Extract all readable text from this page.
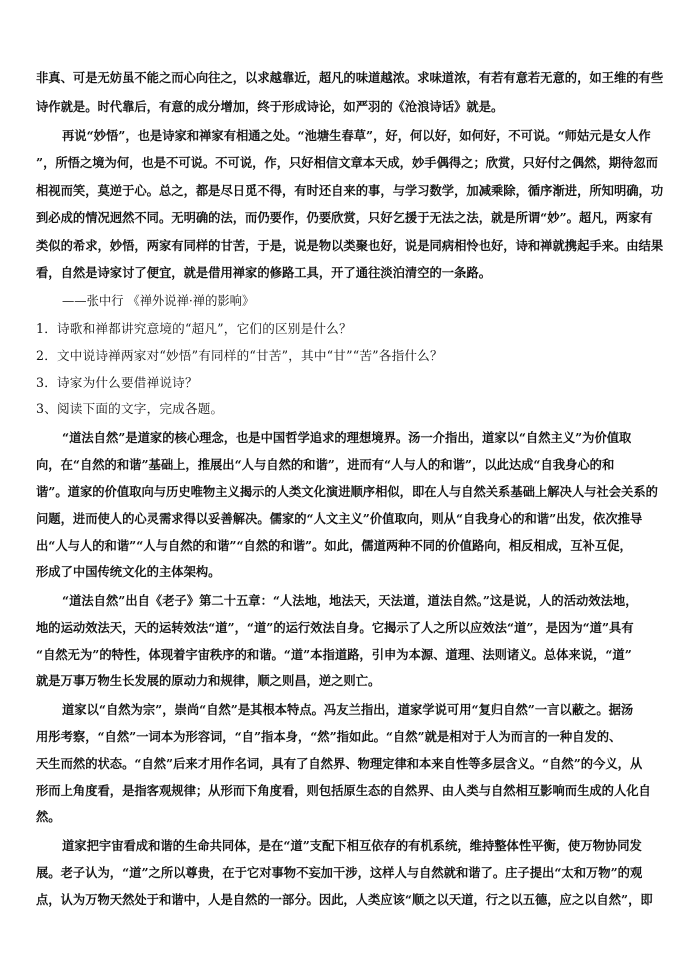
非真、可是无妨虽不能之而心向往之，以求越靠近，超凡的味道越浓。求味道浓，有若有意若无意的，如王维的有些
诗作就是。时代靠后，有意的成分增加，终于形成诗论，如严羽的《沧浪诗话》就是。
再说“妙悟”，也是诗家和禅家有相通之处。“池塘生春草”，好，何以好，如何好，不可说。“师姑元是女人作
”，所悟之境为何，也是不可说。不可说，作，只好相信文章本天成，妙手偶得之；欣赏，只好付之偶然，期待忽而
相视而笑，莫逆于心。总之，都是尽日觅不得，有时还自来的事，与学习数学，加减乘除，循序渐进，所知明确，功
到必成的情况迥然不同。无明确的法，而仍要作，仍要欣赏，只好乞援于无法之法，就是所谓“妙”。超凡，两家有
类似的希求，妙悟，两家有同样的甘苦，于是，说是物以类聚也好，说是同病相怜也好，诗和禅就携起手来。由结果
看，自然是诗家讨了便宜，就是借用禅家的修路工具，开了通往淡泊清空的一条路。
——张中行 《禅外说禅·禅的影响》
1．诗歌和禅都讲究意境的“超凡”，它们的区别是什么？
2．文中说诗禅两家对“妙悟”有同样的“甘苦”，其中“甘”“苦”各指什么？
3．诗家为什么要借禅说诗？
3、阅读下面的文字，完成各题。
“道法自然”是道家的核心理念，也是中国哲学追求的理想境界。汤一介指出，道家以“自然主义”为价值取
向，在“自然的和谐”基础上，推展出“人与自然的和谐”，进而有“人与人的和谐”，以此达成“自我身心的和
谐”。道家的价值取向与历史唯物主义揭示的人类文化演进顺序相似，即在人与自然关系基础上解决人与社会关系的
问题，进而使人的心灵需求得以妥善解决。儒家的“人文主义”价值取向，则从“自我身心的和谐”出发，依次推导
出“人与人的和谐”“人与自然的和谐”“自然的和谐”。如此，儒道两种不同的价值路向，相反相成，互补互促，
形成了中国传统文化的主体架构。
“道法自然”出自《老子》第二十五章：“人法地，地法天，天法道，道法自然。”这是说，人的活动效法地，
地的运动效法天，天的运转效法“道”，“道”的运行效法自身。它揭示了人之所以应效法“道”，是因为“道”具有
“自然无为”的特性，体现着宇宙秩序的和谐。“道”本指道路，引申为本源、道理、法则诸义。总体来说，“道”
就是万事万物生长发展的原动力和规律，顺之则昌，逆之则亡。
道家以“自然为宗”，崇尚“自然”是其根本特点。冯友兰指出，道家学说可用“复归自然”一言以蔽之。据汤
用彤考察，“自然”一词本为形容词，“自”指本身，“然”指如此。“自然”就是相对于人为而言的一种自发的、
天生而然的状态。“自然”后来才用作名词，具有了自然界、物理定律和本来自性等多层含义。“自然”的今义，从
形而上角度看，是指客观规律；从形而下角度看，则包括原生态的自然界、由人类与自然相互影响而生成的人化自
然。
道家把宇宙看成和谐的生命共同体，是在“道”支配下相互依存的有机系统，维持整体性平衡，使万物协同发
展。老子认为，“道”之所以尊贵，在于它对事物不妄加干涉，这样人与自然就和谐了。庄子提出“太和万物”的观
点，认为万物天然处于和谐中，人是自然的一部分。因此，人类应该“顺之以天道，行之以五德，应之以自然”，即
